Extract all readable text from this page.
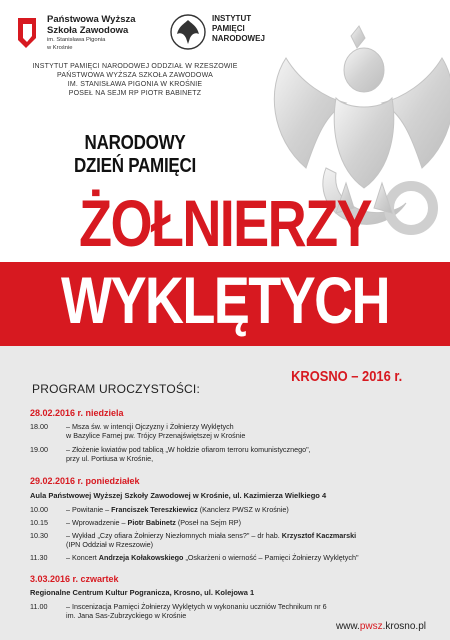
Państwowa Wyższa
Szkoła Zawodowa
im. Stanisława Pigonia
w Krośnie
INSTYTUT
PAMIĘCI
NARODOWEJ
INSTYTUT PAMIĘCI NARODOWEJ ODDZIAŁ W RZESZOWIE
PAŃSTWOWA WYŻSZA SZKOŁA ZAWODOWA
IM. STANISŁAWA PIGONIA W KROŚNIE
POSEŁ NA SEJM RP PIOTR BABINETZ
NARODOWY
DZIEŃ PAMIĘCI
ŻOŁNIERZY
WYKLĘTYCH
KROSNO – 2016 r.
PROGRAM UROCZYSTOŚCI:
28.02.2016 r. niedziela
18.00	– Msza św. w intencji Ojczyzny i Żołnierzy Wyklętych
w Bazylice Farnej pw. Trójcy Przenajświętszej w Krośnie
19.00	– Złożenie kwiatów pod tablicą „W hołdzie ofiarom terroru komunistycznego",
przy ul. Portiusa w Krośnie,
29.02.2016 r. poniedziałek
Aula Państwowej Wyższej Szkoły Zawodowej w Krośnie, ul. Kazimierza Wielkiego 4
10.00	– Powitanie – Franciszek Tereszkiewicz (Kanclerz PWSZ w Krośnie)
10.15	– Wprowadzenie – Piotr Babinetz (Poseł na Sejm RP)
10.30	– Wykład „Czy ofiara Żołnierzy Niezłomnych miała sens?" – dr hab. Krzysztof Kaczmarski
(IPN Oddział w Rzeszowie)
11.30	– Koncert Andrzeja Kołakowskiego „Oskarżeni o wierność – Pamięci Żołnierzy Wyklętych"
3.03.2016 r. czwartek
Regionalne Centrum Kultur Pogranicza, Krosno, ul. Kolejowa 1
11.00	– Inscenizacja Pamięci Żołnierzy Wyklętych w wykonaniu uczniów Technikum nr 6
im. Jana Sas-Zubrzyckiego w Krośnie
www.pwsz.krosno.pl
